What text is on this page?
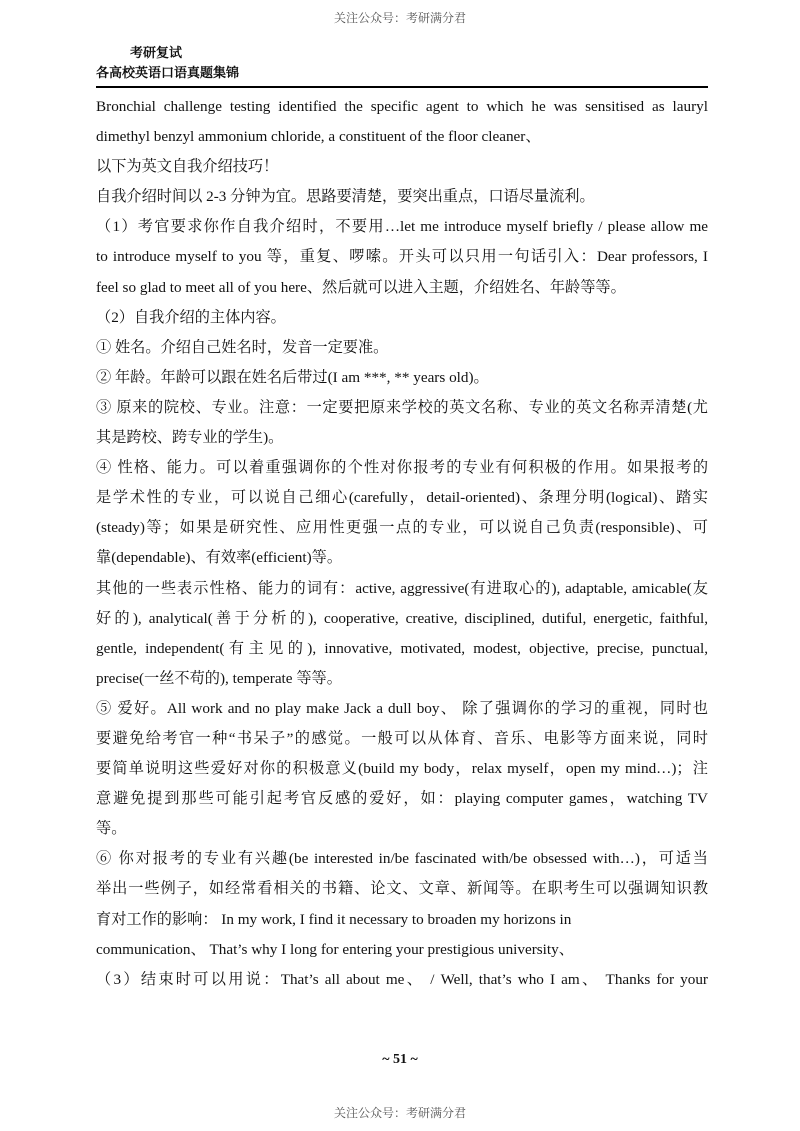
关注公众号：考研满分君
考研复试
各高校英语口语真题集锦

Bronchial challenge testing identified the specific agent to which he was sensitised as lauryl

dimethyl benzyl ammonium chloride, a constituent of the floor cleaner、

以下为英文自我介绍技巧！

自我介绍时间以 2-3 分钟为宜。思路要清楚，要突出重点，口语尽量流利。

（1）考官要求你作自我介绍时，不要用…let me introduce myself briefly / please allow me

to introduce myself to you 等，重复、啰嗦。开头可以只用一句话引入：Dear professors, I

feel so glad to meet all of you here、然后就可以进入主题，介绍姓名、年龄等等。

（2）自我介绍的主体内容。

① 姓名。介绍自己姓名时，发音一定要准。

② 年龄。年龄可以跟在姓名后带过(I am ***, ** years old)。

③ 原来的院校、专业。注意：一定要把原来学校的英文名称、专业的英文名称弄清楚(尤

其是跨校、跨专业的学生)。

④ 性格、能力。可以着重强调你的个性对你报考的专业有何积极的作用。如果报考的

是学术性的专业，可以说自己细心(carefully，detail-oriented)、条理分明(logical)、踏实

(steady)等；如果是研究性、应用性更强一点的专业，可以说自己负责(responsible)、可

靠(dependable)、有效率(efficient)等。

其他的一些表示性格、能力的词有：active, aggressive(有进取心的), adaptable, amicable(友

好的), analytical(善于分析的), cooperative, creative, disciplined, dutiful, energetic, faithful,

gentle, independent(有主见的), innovative, motivated, modest, objective, precise, punctual,

precise(一丝不苟的), temperate 等等。

⑤ 爱好。All work and no play make Jack a dull boy、 除了强调你的学习的重视，同时也

要避免给考官一种“书呆子”的感觉。一般可以从体育、音乐、电影等方面来说，同时

要简单说明这些爱好对你的积极意义(build my body，relax myself，open my mind…)；注

意避免提到那些可能引起考官反感的爱好，如：playing computer games，watching TV

等。

⑥ 你对报考的专业有兴趣(be interested in/be fascinated with/be obsessed with…)，可适当

举出一些例子，如经常看相关的书籍、论文、文章、新闻等。在职考生可以强调知识教

育对工作的影响： In my work, I find it necessary to broaden my horizons in

communication、 That’s why I long for entering your prestigious university、

（3）结束时可以用说：That’s all about me、 / Well, that’s who I am、 Thanks for your

~ 51 ~
关注公众号：考研满分君
